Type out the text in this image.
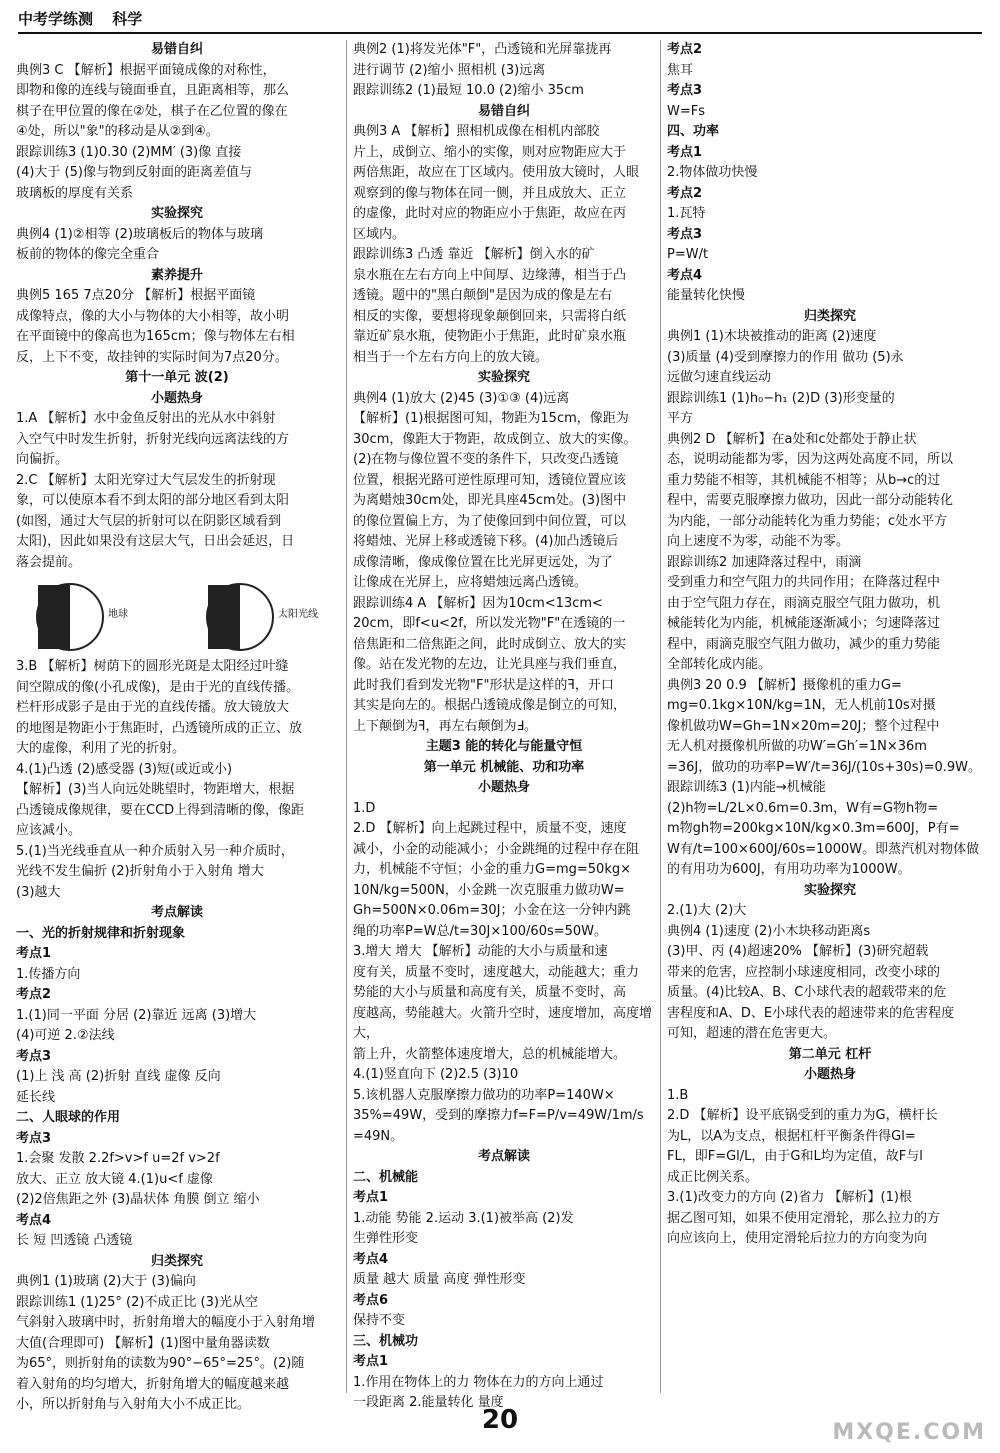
中考学练测 科学

易错自纠

典例3 C 【解析】根据平面镜成像的对称性，

即物和像的连线与镜面垂直，且距离相等，那么

棋子在甲位置的像在②处，棋子在乙位置的像在

④处，所以"象"的移动是从②到④。

跟踪训练3 (1)0.30 (2)MM′ (3)像 直接

(4)大于 (5)像与物到反射面的距离差值与

玻璃板的厚度有关系

实验探究

典例4 (1)②相等 (2)玻璃板后的物体与玻璃

板前的物体的像完全重合

素养提升

典例5 165 7点20分 【解析】根据平面镜

成像特点，像的大小与物体的大小相等，故小明

在平面镜中的像高也为165cm；像与物体左右相

反，上下不变，故挂钟的实际时间为7点20分。

第十一单元 波(2)

小题热身

1.A 【解析】水中金鱼反射出的光从水中斜射

入空气中时发生折射，折射光线向远离法线的方

向偏折。

2.C 【解析】太阳光穿过大气层发生的折射现

象，可以使原本看不到太阳的部分地区看到太阳

(如图，通过大气层的折射可以在阴影区域看到

太阳)，因此如果没有这层大气，日出会延迟，日

落会提前。

地球	太阳光线

3.B 【解析】树荫下的圆形光斑是太阳经过叶缝

间空隙成的像(小孔成像)，是由于光的直线传播。

栏杆形成影子是由于光的直线传播。放大镜放大

的地图是物距小于焦距时，凸透镜所成的正立、放

大的虚像，利用了光的折射。

4.(1)凸透 (2)感受器 (3)短(或近或小)

【解析】(3)当人向远处眺望时，物距增大，根据

凸透镜成像规律，要在CCD上得到清晰的像，像距

应该减小。

5.(1)当光线垂直从一种介质射入另一种介质时，

光线不发生偏折 (2)折射角小于入射角 增大

(3)越大

考点解读

一、光的折射规律和折射现象

考点1

1.传播方向

考点2

1.(1)同一平面 分居 (2)靠近 远离 (3)增大

(4)可逆 2.②法线

考点3

(1)上 浅 高 (2)折射 直线 虚像 反向

延长线

二、人眼球的作用

考点3

1.会聚 发散 2.2f>v>f u=2f v>2f

放大、正立 放大镜 4.(1)u<f 虚像

(2)2倍焦距之外 (3)晶状体 角膜 倒立 缩小

考点4

长 短 凹透镜 凸透镜

归类探究

典例1 (1)玻璃 (2)大于 (3)偏向

跟踪训练1 (1)25° (2)不成正比 (3)光从空

气斜射入玻璃中时，折射角增大的幅度小于入射角增

大值(合理即可) 【解析】(1)图中量角器读数

为65°，则折射角的读数为90°−65°=25°。(2)随

着入射角的均匀增大，折射角增大的幅度越来越

小，所以折射角与入射角大小不成正比。

典例2 (1)将发光体"F"，凸透镜和光屏靠拢再

进行调节 (2)缩小 照相机 (3)远离

跟踪训练2 (1)最短 10.0 (2)缩小 35cm

易错自纠

典例3 A 【解析】照相机成像在相机内部胶

片上，成倒立、缩小的实像，则对应物距应大于

两倍焦距，故应在丁区域内。使用放大镜时，人眼

观察到的像与物体在同一侧，并且成放大、正立

的虚像，此时对应的物距应小于焦距，故应在丙

区域内。

跟踪训练3 凸透 靠近 【解析】倒入水的矿

泉水瓶在左右方向上中间厚、边缘薄，相当于凸

透镜。题中的"黑白颠倒"是因为成的像是左右

相反的实像，要想将现象颠倒回来，只需将白纸

靠近矿泉水瓶，使物距小于焦距，此时矿泉水瓶

相当于一个左右方向上的放大镜。

实验探究

典例4 (1)放大 (2)45 (3)①③ (4)远离

【解析】(1)根据图可知，物距为15cm，像距为

30cm，像距大于物距，故成倒立、放大的实像。

(2)在物与像位置不变的条件下，只改变凸透镜

位置，根据光路可逆性原理可知，透镜位置应该

为离蜡烛30cm处，即光具座45cm处。(3)图中

的像位置偏上方，为了使像回到中间位置，可以

将蜡烛、光屏上移或透镜下移。(4)加凸透镜后

成像清晰，像成像位置在比光屏更远处，为了

让像成在光屏上，应将蜡烛远离凸透镜。

跟踪训练4 A 【解析】因为10cm<13cm<

20cm，即f<u<2f，所以发光物"F"在透镜的一

倍焦距和二倍焦距之间，此时成倒立、放大的实

像。站在发光物的左边，让光具座与我们垂直，

此时我们看到发光物"F"形状是这样的ꟻ，开口

其实是向左的。根据凸透镜成像是倒立的可知，

上下颠倒为ꟻ，再左右颠倒为Ⅎ。

主题3 能的转化与能量守恒

第一单元 机械能、功和功率

小题热身

1.D

2.D 【解析】向上起跳过程中，质量不变，速度

减小，小金的动能减小；小金跳绳的过程中存在阻

力，机械能不守恒；小金的重力G=mg=50kg×

10N/kg=500N，小金跳一次克服重力做功W=

Gh=500N×0.06m=30J；小金在这一分钟内跳

绳的功率P=W总/t=30J×100/60s=50W。

3.增大 增大 【解析】动能的大小与质量和速

度有关，质量不变时，速度越大，动能越大；重力

势能的大小与质量和高度有关，质量不变时，高

度越高，势能越大。火箭升空时，速度增加，高度增大，

箭上升，火箭整体速度增大，总的机械能增大。

4.(1)竖直向下 (2)2.5 (3)10

5.该机器人克服摩擦力做功的功率P=140W×

35%=49W，受到的摩擦力f=F=P/v=49W/1m/s

=49N。

考点解读

二、机械能

考点1

1.动能 势能 2.运动 3.(1)被举高 (2)发

生弹性形变

考点4

质量 越大 质量 高度 弹性形变

考点6

保持不变

三、机械功

考点1

1.作用在物体上的力 物体在力的方向上通过

一段距离 2.能量转化 量度

考点2

焦耳

考点3

W=Fs

四、功率

考点1

2.物体做功快慢

考点2

1.瓦特

考点3

P=W/t

考点4

能量转化快慢

归类探究

典例1 (1)木块被推动的距离 (2)速度

(3)质量 (4)受到摩擦力的作用 做功 (5)永

远做匀速直线运动

跟踪训练1 (1)h₀−h₁ (2)D (3)形变量的

平方

典例2 D 【解析】在a处和c处都处于静止状

态，说明动能都为零，因为这两处高度不同，所以

重力势能不相等，其机械能不相等；从b→c的过

程中，需要克服摩擦力做功，因此一部分动能转化

为内能，一部分动能转化为重力势能；c处水平方

向上速度不为零，动能不为零。

跟踪训练2 加速降落过程中，雨滴

受到重力和空气阻力的共同作用；在降落过程中

由于空气阻力存在，雨滴克服空气阻力做功，机

械能转化为内能，机械能逐渐减小；匀速降落过

程中，雨滴克服空气阻力做功，减少的重力势能

全部转化成内能。

典例3 20 0.9 【解析】摄像机的重力G=

mg=0.1kg×10N/kg=1N，无人机前10s对摄

像机做功W=Gh=1N×20m=20J；整个过程中

无人机对摄像机所做的功W′=Gh′=1N×36m

=36J，做功的功率P=W′/t=36J/(10s+30s)=0.9W。

跟踪训练3 (1)内能→机械能

(2)h物=L/2L×0.6m=0.3m，W有=G物h物=

m物gh物=200kg×10N/kg×0.3m=600J，P有=

W有/t=100×600J/60s=1000W。即蒸汽机对物体做

的有用功为600J，有用功功率为1000W。

实验探究

2.(1)大 (2)大

典例4 (1)速度 (2)小木块移动距离s

(3)甲、丙 (4)超速20% 【解析】(3)研究超载

带来的危害，应控制小球速度相同，改变小球的

质量。(4)比较A、B、C小球代表的超载带来的危

害程度和A、D、E小球代表的超速带来的危害程度

可知，超速的潜在危害更大。

第二单元 杠杆

小题热身

1.B

2.D 【解析】设平底锅受到的重力为G，横杆长

为L，以A为支点，根据杠杆平衡条件得Gl=

FL，即F=Gl/L，由于G和L均为定值，故F与l

成正比例关系。

3.(1)改变力的方向 (2)省力 【解析】(1)根

据乙图可知，如果不使用定滑轮，那么拉力的方

向应该向上，使用定滑轮后拉力的方向变为向

20	MXQE.COM
